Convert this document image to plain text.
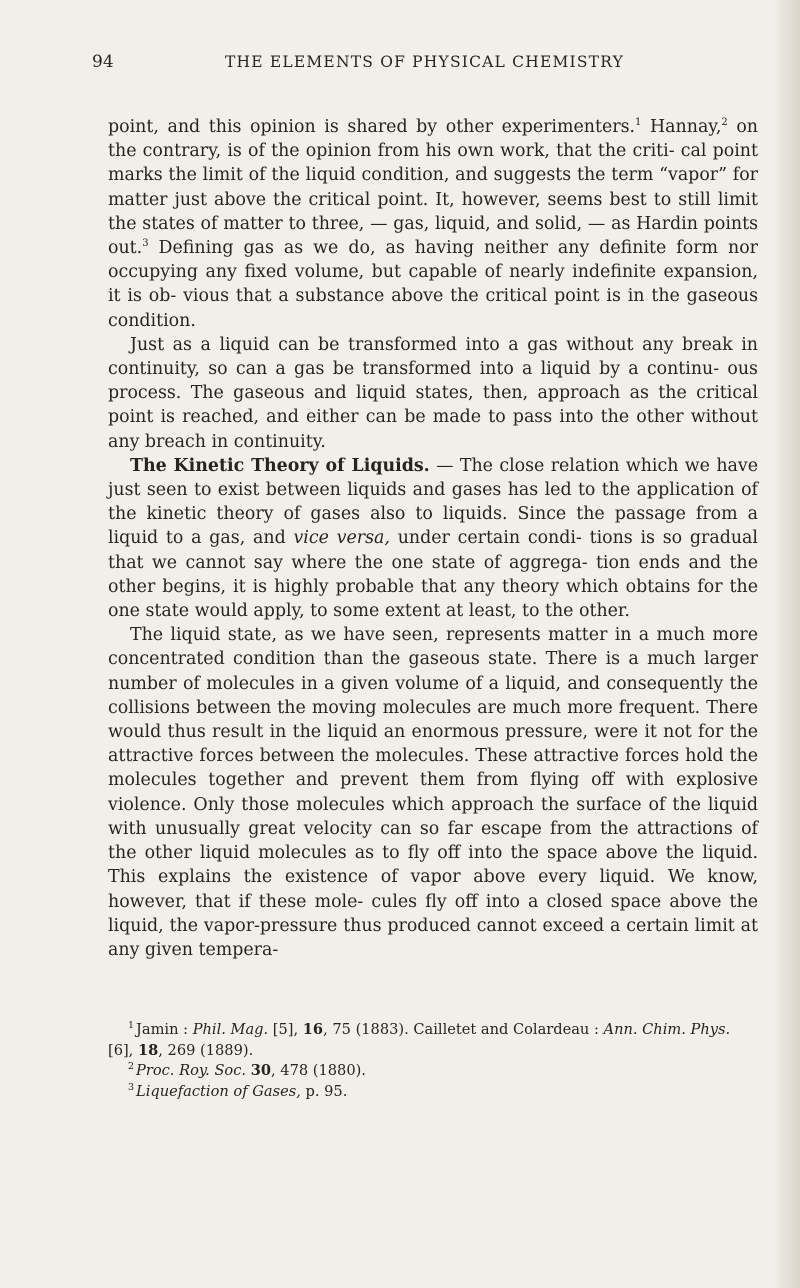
94	THE ELEMENTS OF PHYSICAL CHEMISTRY

point, and this opinion is shared by other experimenters.$^1$ Hannay,$^2$ on the contrary, is of the opinion from his own work, that the criti- cal point marks the limit of the liquid condition, and suggests the term “vapor” for matter just above the critical point. It, however, seems best to still limit the states of matter to three, — gas, liquid, and solid, — as Hardin points out.$^3$ Defining gas as we do, as having neither any definite form nor occupying any fixed volume, but capable of nearly indefinite expansion, it is ob- vious that a substance above the critical point is in the gaseous condition.

Just as a liquid can be transformed into a gas without any break in continuity, so can a gas be transformed into a liquid by a continu- ous process. The gaseous and liquid states, then, approach as the critical point is reached, and either can be made to pass into the other without any breach in continuity.

The Kinetic Theory of Liquids. — The close relation which we have just seen to exist between liquids and gases has led to the application of the kinetic theory of gases also to liquids. Since the passage from a liquid to a gas, and vice versa, under certain condi- tions is so gradual that we cannot say where the one state of aggrega- tion ends and the other begins, it is highly probable that any theory which obtains for the one state would apply, to some extent at least, to the other.

The liquid state, as we have seen, represents matter in a much more concentrated condition than the gaseous state. There is a much larger number of molecules in a given volume of a liquid, and consequently the collisions between the moving molecules are much more frequent. There would thus result in the liquid an enormous pressure, were it not for the attractive forces between the molecules. These attractive forces hold the molecules together and prevent them from flying off with explosive violence. Only those molecules which approach the surface of the liquid with unusually great velocity can so far escape from the attractions of the other liquid molecules as to fly off into the space above the liquid. This explains the existence of vapor above every liquid. We know, however, that if these mole- cules fly off into a closed space above the liquid, the vapor-pressure thus produced cannot exceed a certain limit at any given tempera-

$^1$ Jamin : Phil. Mag. [5], 16, 75 (1883). Cailletet and Colardeau : Ann. Chim. Phys. [6], 18, 269 (1889).

$^2$ Proc. Roy. Soc. 30, 478 (1880).

$^3$ Liquefaction of Gases, p. 95.
